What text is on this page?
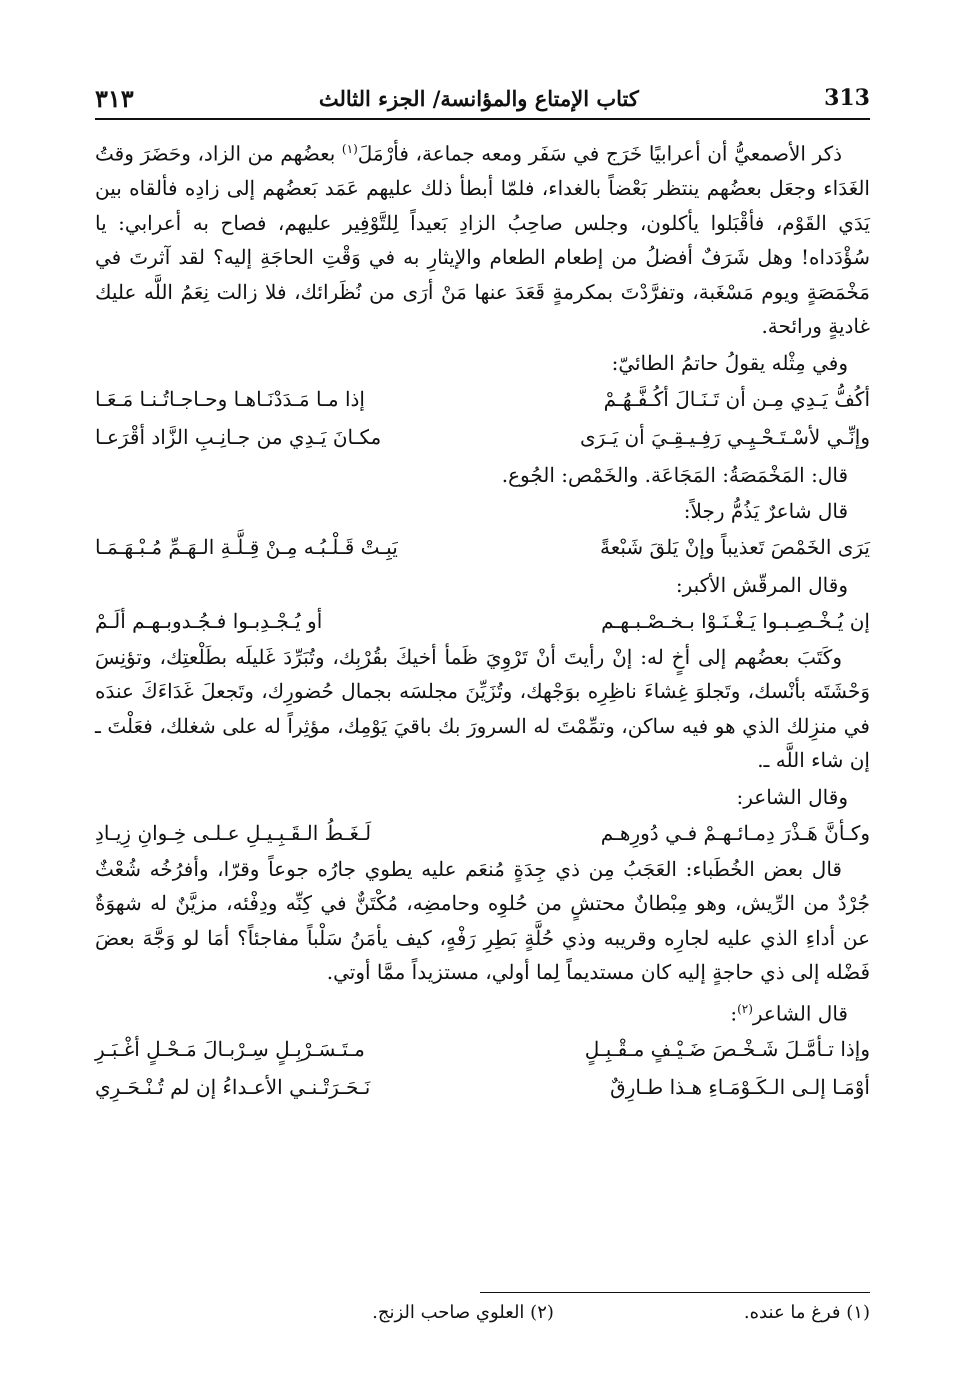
313
كتاب الإمتاع والمؤانسة/ الجزء الثالث
٣١٣

ذكر الأصمعيُّ أن أعرابيًا خَرَج في سَفَر ومعه جماعة، فأرْمَلَ$^{(١)}$ بعضُهم من الزاد، وحَضَرَ وقتُ الغَدَاء وجعَل بعضُهم ينتظر بَعْضاً بالغداء، فلمّا أبطأ ذلك عليهم عَمَد بَعضُهم إلى زادِه فألقاه بين يَدَي القَوْم، فأقْبَلوا يأكلون، وجلس صاحِبُ الزادِ بَعيداً لِلتَّوْفِير عليهم، فصاح به أعرابي: يا سُؤْدَداه! وهل شَرَفٌ أفضلُ من إطعام الطعام والإيثارِ به في وَقْتِ الحاجَةِ إليه؟ لقد آثرتَ في مَخْمَصَةٍ ويوم مَسْغَبة، وتفرَّدْتَ بمكرمةٍ قَعَدَ عنها مَنْ أرَى من نُظَرائك، فلا زالت نِعَمُ اللَّه عليك غاديةٍ ورائحة.

وفي مِثْله يقولُ حاتمُ الطائيّ:

أكُفُّ يَـدِي مِـن أن تَـنَـالَ أكُـفَّـهُـمْ
إذا مـا مَـدَدْنَـاهـا وحـاجـاتُـنـا مَـعَـا
وإنِّـي لأسْـتَـحْـيِـي رَفِـيـقِـيَ أن يَـرَى
مكـانَ يَـدِي من جـانِـبِ الزَّاد أقْرَعـا

قال: المَخْمَصَةُ: المَجَاعَة. والخَمْص: الجُوع.

قال شاعرٌ يَذُمُّ رجلاً:

يَرَى الخَمْصَ تَعذيباً وإنْ يَلقَ شَبْعةً
يَبِـتْ قَـلْـبُـه مِـنْ قِـلَّـةِ الـهَـمِّ مُـبْـهَـمَـا

وقال المرقّش الأكبر:

إن يُـخْـصِـبـوا يَـغْـنَـوْا بـخـصْـبـهـم
أو يُـجْـدِبـوا فـجُـدوبـهـم ألَـمْ

وكَتَبَ بعضُهم إلى أخٍ له: إنْ رأيتَ أنْ تَرْوِيَ ظَمأ أخيكَ بقُرْبِك، وتُبَرِّدَ غَليلَه بطَلْعتِك، وتؤنِسَ وَحْشَتَه بأنْسك، وتَجلوَ غِشاءَ ناظِرِه بوَجْهك، وتُزَيِّنَ مجلسَه بجمال حُضورِك، وتَجعلَ غَدَاءَكَ عندَه في منزِلك الذي هو فيه ساكن، وتمِّمْتَ له السرورَ بك باقيَ يَوْمِك، مؤثِراً له على شغلك، فعَلْتَ ـ إن شاء اللَّه ـ.

وقال الشاعر:

وكـأنَّ هَـذْرَ دِمـائـهـمْ فـي دُورِهـم
لَـغَـطُ الـقَـبِـيـلِ عـلـى خِـوانِ زِيـادِ

قال بعض الخُطَباء: العَجَبُ مِن ذي جِدَةٍ مُنعَم عليه يطوي جارُه جوعاً وقرّا، وأفرُخُه شُعْثٌ جُرْدٌ من الرِّيش، وهو مِبْطانٌ محتشٍ من حُلوِه وحامضِه، مُكْتَنٌّ في كِنِّه ودِفْئه، مزيَّنٌ له شهوَةٌ عن أداءِ الذي عليه لجارِه وقريبه وذي حُلَّةٍ بَطِرِ رَفْهٍ، كيف يأمَنُ سَلْباً مفاجئاً؟ أمَا لو وَجَّهَ بعضَ فَضْله إلى ذي حاجةٍ إليه كان مستديماً لِما أولي، مستزيداً ممَّا أوتي.

قال الشاعر$^{(٢)}$:

وإذا تـأمَّـلَ شَـخْـصَ ضَـيْـفٍ مـقْـبِـلٍ
مـتَـسَـرْبِـلٍ سِـرْبـالَ مَـحْـلٍ أغْـبَـرِ
أوْمَـا إلـى الـكَـوْمَـاءِ هـذا طـارِقٌ
نَـحَـرَتْـنـي الأعـداءُ إن لم تُـنْـحَـرِي
(١) فرغ ما عنده.
(٢) العلوي صاحب الزنج.
